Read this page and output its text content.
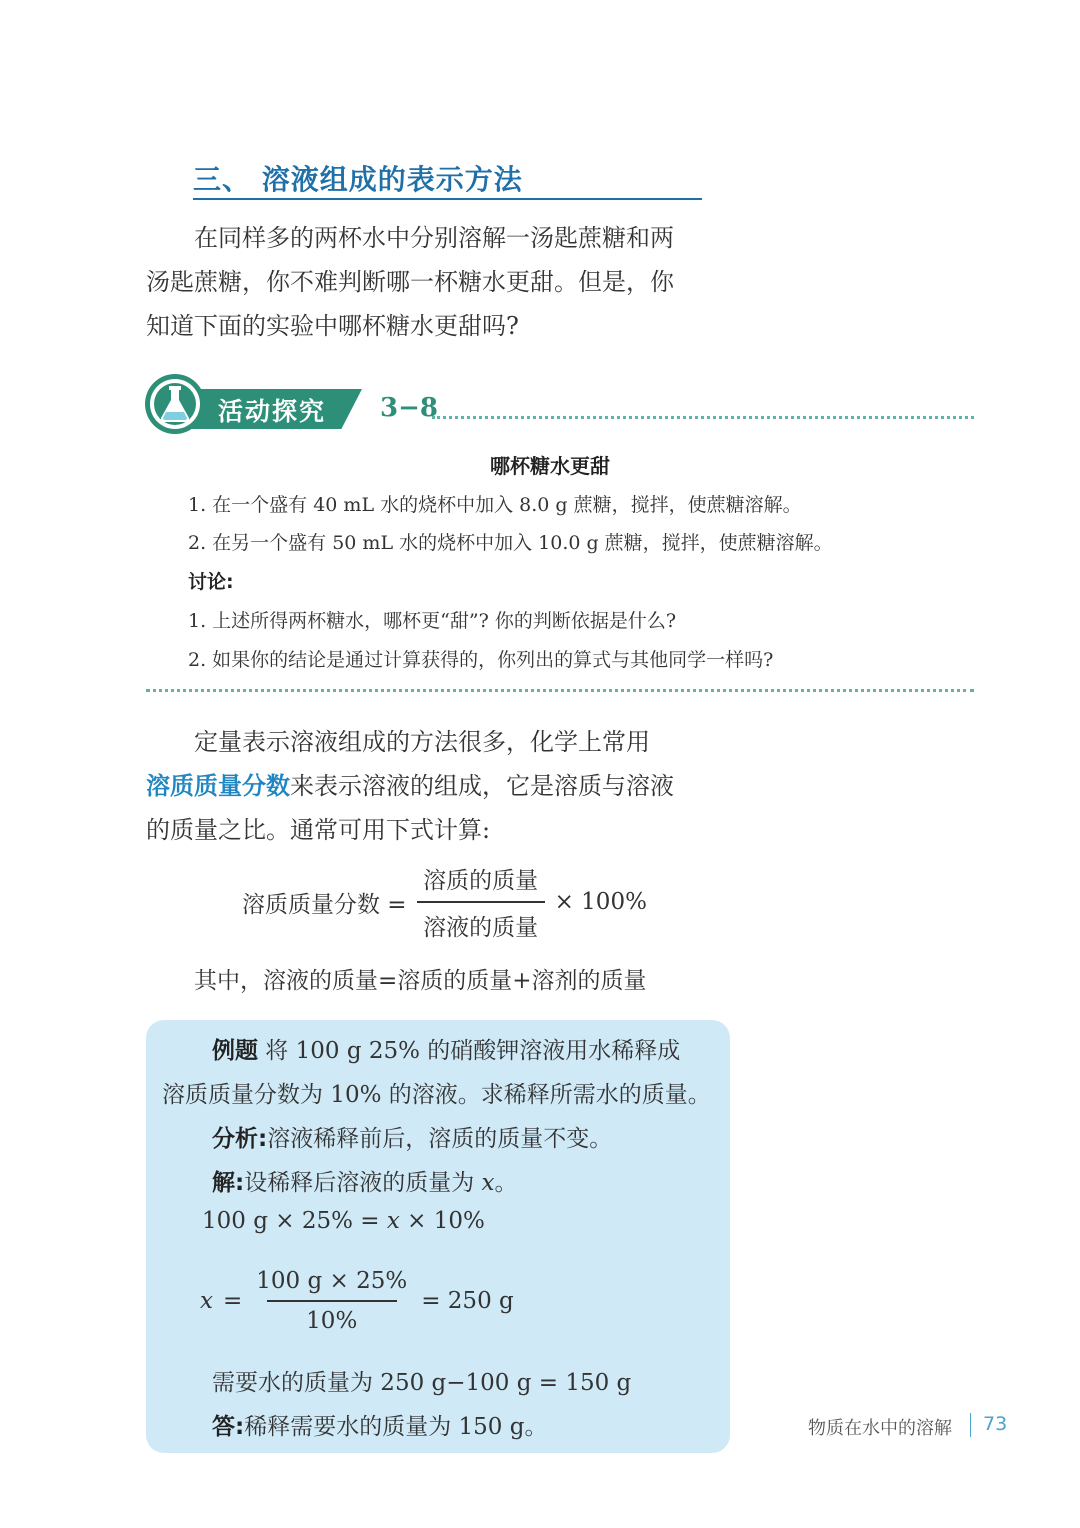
三、 溶液组成的表示方法
在同样多的两杯水中分别溶解一汤匙蔗糖和两
汤匙蔗糖，你不难判断哪一杯糖水更甜。但是，你
知道下面的实验中哪杯糖水更甜吗?
活动探究 3−8
哪杯糖水更甜
1. 在一个盛有 40 mL 水的烧杯中加入 8.0 g 蔗糖，搅拌，使蔗糖溶解。
2. 在另一个盛有 50 mL 水的烧杯中加入 10.0 g 蔗糖，搅拌，使蔗糖溶解。
讨论:
1. 上述所得两杯糖水，哪杯更“甜”? 你的判断依据是什么?
2. 如果你的结论是通过计算获得的，你列出的算式与其他同学一样吗?
定量表示溶液组成的方法很多，化学上常用
溶质质量分数来表示溶液的组成，它是溶质与溶液
的质量之比。通常可用下式计算:
溶质质量分数 = $\frac{\text{溶质的质量}}{\text{溶液的质量}} \times 100\%$
其中，溶液的质量=溶质的质量+溶剂的质量
例题 将 100 g 25% 的硝酸钾溶液用水稀释成
溶质质量分数为 10% 的溶液。求稀释所需水的质量。
分析:溶液稀释前后，溶质的质量不变。
解:设稀释后溶液的质量为 x。
100 g × 25% = x × 10%
$x = \frac{100 g \times 25\%}{10\%} = 250$ g
需要水的质量为 250 g−100 g = 150 g
答:稀释需要水的质量为 150 g。	物质在水中的溶解 73
